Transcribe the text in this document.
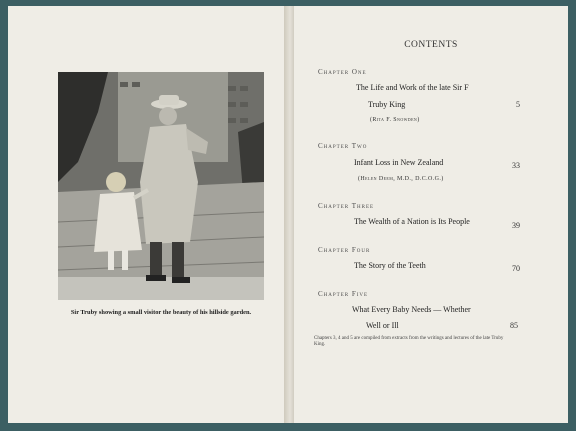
Sir Truby showing a small visitor the beauty of his hillside garden.
CONTENTS
Chapter One
The Life and Work of the late Sir F
Truby King	5
(Rita F. Snowden)
Chapter Two
Infant Loss in New Zealand	33
(Helen Deem, M.D., D.C.O.G.)
Chapter Three
The Wealth of a Nation is Its People	39
Chapter Four
The Story of the Teeth	70
Chapter Five
What Every Baby Needs — Whether
Well or Ill	85
Chapters 3, 4 and 5 are compiled from extracts from the writings and lectures of the late Truby King.
